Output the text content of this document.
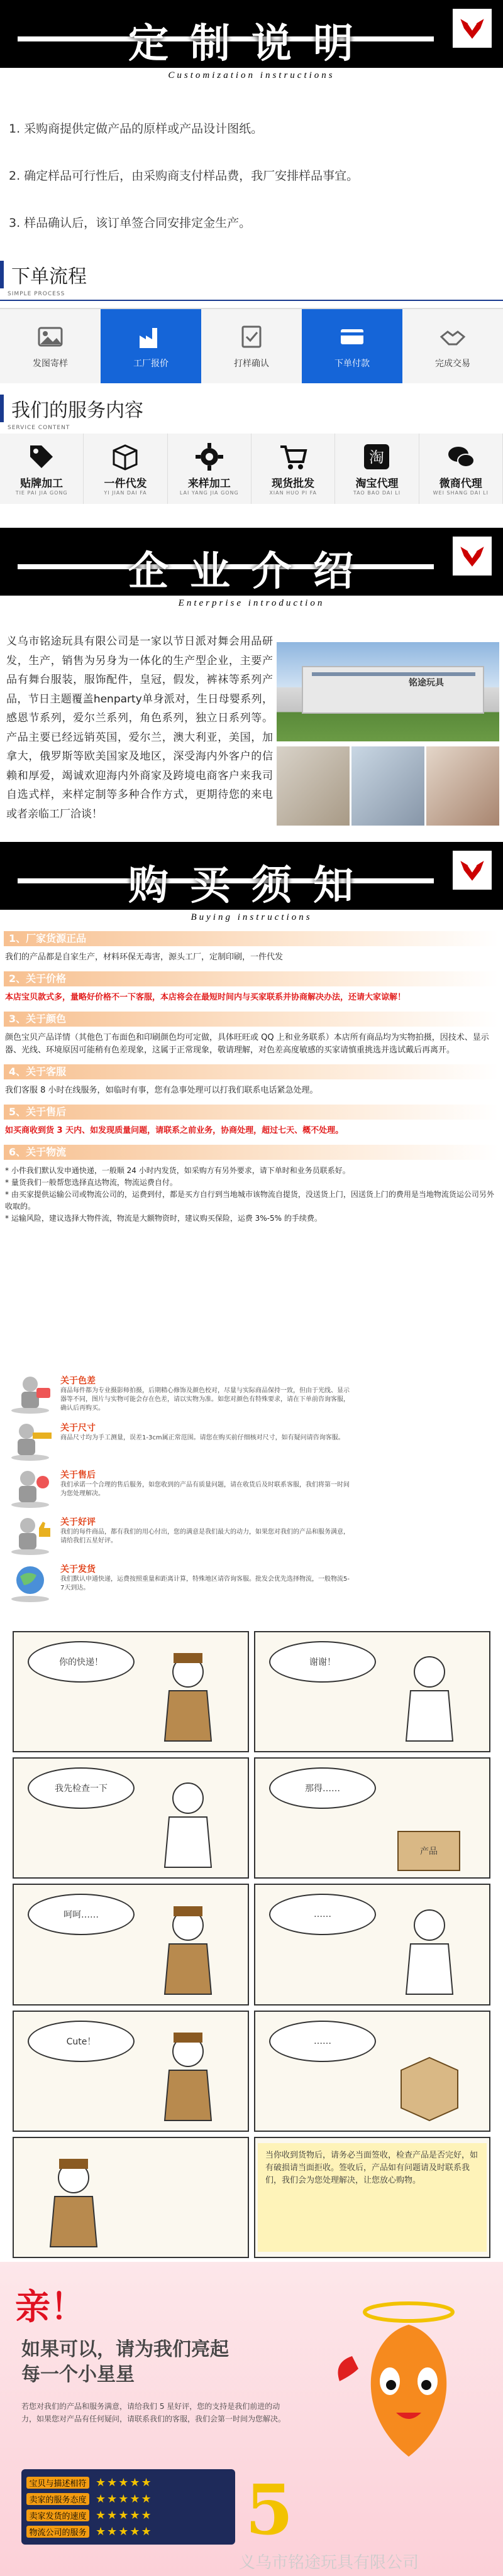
定制说明
Customization instructions

1. 采购商提供定做产品的原样或产品设计图纸。

2. 确定样品可行性后，由采购商支付样品费，我厂安排样品事宜。

3. 样品确认后，该订单签合同安排定金生产。

下单流程
SIMPLE PROCESS
发图寄样	工厂报价	打样确认	下单付款	完成交易
我们的服务内容
SERVICE CONTENT
贴牌加工
TIE PAI JIA GONG
一件代发
YI JIAN DAI FA
来样加工
LAI YANG JIA GONG
现货批发
XIAN HUO PI FA
淘
淘宝代理
TAO BAO DAI LI
微商代理
WEI SHANG DAI LI
企业介绍
Enterprise introduction
义乌市铭途玩具有限公司是一家以节日派对舞会用品研发，生产，销售为另身为一体化的生产型企业，主要产品有舞台服装，服饰配件，皇冠，假发，裤袜等系列产品，节日主题覆盖henparty单身派对，生日母婴系列，感恩节系列，爱尔兰系列，角色系列，独立日系列等。产品主要已经远销英国，爱尔兰，澳大利亚，美国，加拿大，俄罗斯等欧美国家及地区，深受海内外客户的信赖和厚爱，竭诚欢迎海内外商家及跨境电商客户来我司自选式样，来样定制等多种合作方式，更期待您的来电或者亲临工厂洽谈！
铭途玩具
购买须知
Buying instructions
1、厂家货源正品
我们的产品都是自家生产，材料环保无毒害，源头工厂，定制印刷，一件代发
2、关于价格
本店宝贝款式多，量略好价格不一下客服，本店将会在最短时间内与买家联系并协商解决办法，还请大家谅解！
3、关于颜色
颜色宝贝产品详情（其他色丁布面色和印刷颜色均可定做，具体旺旺或 QQ 上和业务联系）本店所有商品均为实物拍摄，因技术、显示器、光线、环境原因可能稍有色差现象，这属于正常现象，敬请理解，对色差高度敏感的买家请慎重挑选并选试戴后再离开。
4、关于客服
我们客服 8 小时在线服务，如临时有事，您有急事处理可以打我们联系电话紧急处理。
5、关于售后
如买商收到货 3 天内、如发现质量问题，请联系之前业务，协商处理，超过七天、概不处理。
6、关于物流
* 小件我们默认发申通快递，一般顺 24 小时内发货，如采购方有另外要求，请下单时和业务员联系好。
* 量货我们一般帮您选择直达物流，物流运费自付。
* 由买家提供运输公司或物流公司的，运费到付，都是买方自行到当地城市该物流自提货，没送货上门，因送货上门的费用是当地物流货运公司另外收取的。
* 运输风险，建议选择大物件流，物流是大额物资时，建议购买保险，运费 3%-5% 的手续费。
关于色差
商品每件都为专业摄影师拍摄，后期精心修饰及颜色校对，尽量与实际商品保持一致，但由于光线、显示器等不同，图片与实物可能会存在色差，请以实物为准。如您对颜色有特殊要求，请在下单前咨询客服，确认后再购买。
关于尺寸
商品尺寸均为手工测量，误差1-3cm属正常范围。请您在购买前仔细核对尺寸，如有疑问请咨询客服。
关于售后
我们承诺一个合理的售后服务，如您收到的产品有质量问题，请在收货后及时联系客服，我们将第一时间为您处理解决。
关于好评
我们的每件商品，都有我们的用心付出，您的满意是我们最大的动力，如果您对我们的产品和服务满意，请给我们五星好评。
关于发货
我们默认申通快递，运费按照重量和距离计算，特殊地区请咨询客服。批发会优先选择物流，一般物流5-7天到达。
你的快递！	谢谢！
我先检查一下	那得……
产品
呵呵……	……
Cute！	……
当你收到货物后，请务必当面签收，检查产品是否完好，如有破损请当面拒收。签收后，产品如有问题请及时联系我们，我们会为您处理解决，让您放心购物。
亲！
如果可以，请为我们亮起每一个小星星
若您对我们的产品和服务满意，请给我们 5 星好评，您的支持是我们前进的动力，如果您对产品有任何疑问，请联系我们的客服，我们会第一时间为您解决。
宝贝与描述相符 ★★★★★
卖家的服务态度 ★★★★★
卖家发货的速度 ★★★★★
物流公司的服务 ★★★★★ 5
义乌市铭途玩具有限公司
